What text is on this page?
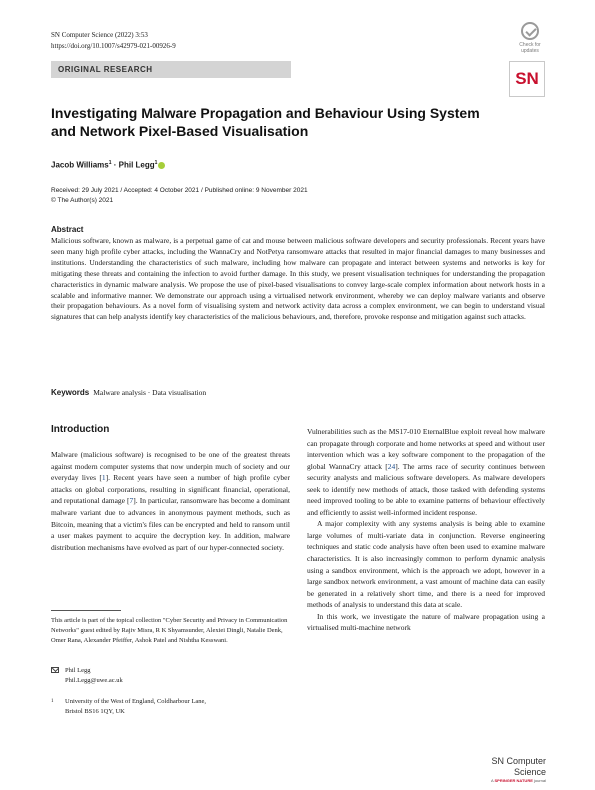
SN Computer Science (2022) 3:53
https://doi.org/10.1007/s42979-021-00926-9	Check for
updates
ORIGINAL RESEARCH	SN
Investigating Malware Propagation and Behaviour Using System
and Network Pixel-Based Visualisation
Jacob Williams$^1$ · Phil Legg$^1$
Received: 29 July 2021 / Accepted: 4 October 2021 / Published online: 9 November 2021
© The Author(s) 2021
Abstract
Malicious software, known as malware, is a perpetual game of cat and mouse between malicious software developers and security professionals. Recent years have seen many high profile cyber attacks, including the WannaCry and NotPetya ransomware attacks that resulted in major financial damages to many businesses and institutions. Understanding the characteristics of such malware, including how malware can propagate and interact between systems and networks is key for mitigating these threats and containing the infection to avoid further damage. In this study, we present visualisation techniques for understanding the propagation characteristics in dynamic malware analysis. We propose the use of pixel-based visualisations to convey large-scale complex information about network hosts in a scalable and informative manner. We demonstrate our approach using a virtualised network environment, whereby we can deploy malware variants and observe their propagation behaviours. As a novel form of visualising system and network activity data across a complex environment, we can begin to understand visual signatures that can help analysts identify key characteristics of the malicious behaviours, and, therefore, provoke response and mitigation against such attacks.
Keywords Malware analysis · Data visualisation
Introduction

Malware (malicious software) is recognised to be one of the greatest threats against modern computer systems that now underpin much of society and our everyday lives [1]. Recent years have seen a number of high profile cyber attacks on global corporations, resulting in significant financial, operational, and reputational damage [7]. In particular, ransomware has become a dominant malware variant due to advances in anonymous payment methods, such as Bitcoin, meaning that a victim's files can be encrypted and held to ransom until a user makes payment to acquire the decryption key. In addition, malware distribution mechanisms have evolved as part of our hyper-connected society.

Vulnerabilities such as the MS17-010 EternalBlue exploit reveal how malware can propagate through corporate and home networks at speed and without user intervention which was a key software component to the propagation of the global WannaCry attack [24]. The arms race of security continues between security analysts and malicious software developers. As malware developers seek to identify new methods of attack, those tasked with defending systems need improved tooling to be able to examine patterns of behaviour effectively and efficiently to assist well-informed incident response.

A major complexity with any systems analysis is being able to examine large volumes of multi-variate data in conjunction. Reverse engineering techniques and static code analysis have often been used to examine malware characteristics. It is also increasingly common to perform dynamic analysis using a sandbox environment, which is the approach we adopt, however in a large sandbox network environment, a vast amount of machine data can easily be generated in a relatively short time, and there is a need for improved methods of analysis to understand this data at scale.

In this work, we investigate the nature of malware propagation using a virtualised multi-machine network

This article is part of the topical collection "Cyber Security and Privacy in Communication Networks" guest edited by Rajiv Misra, R K Shyamsunder, Alexiei Dingli, Natalie Denk, Omer Rana, Alexander Pfeiffer, Ashok Patel and Nishtha Kesswani.
Phil Legg
Phil.Legg@uwe.ac.uk
1	University of the West of England, Coldharbour Lane,
Bristol BS16 1QY, UK
SN Computer Science
A SPRINGER NATURE journal
